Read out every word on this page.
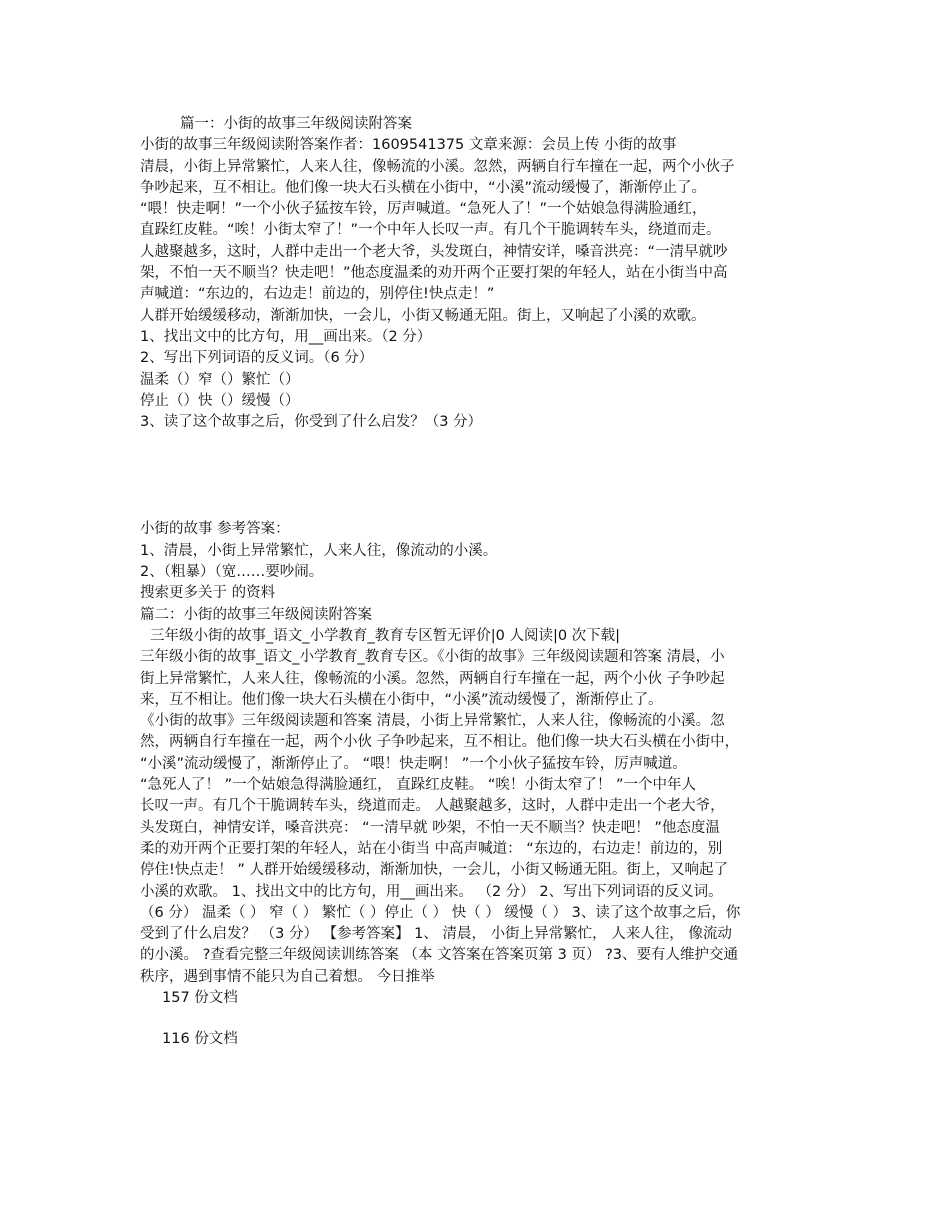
篇一：小街的故事三年级阅读附答案
小街的故事三年级阅读附答案作者：1609541375 文章来源：会员上传 小街的故事
清晨，小街上异常繁忙，人来人往，像畅流的小溪。忽然，两辆自行车撞在一起，两个小伙子
争吵起来，互不相让。他们像一块大石头横在小街中，“小溪”流动缓慢了，渐渐停止了。
“喂！快走啊！”一个小伙子猛按车铃，厉声喊道。“急死人了！”一个姑娘急得满脸通红，
直跺红皮鞋。“唉！小街太窄了！”一个中年人长叹一声。有几个干脆调转车头，绕道而走。
人越聚越多，这时，人群中走出一个老大爷，头发斑白，神情安详，嗓音洪亮：“一清早就吵
架，不怕一天不顺当？快走吧！”他态度温柔的劝开两个正要打架的年轻人，站在小街当中高
声喊道：“东边的，右边走！前边的，别停住!快点走！”
人群开始缓缓移动，渐渐加快，一会儿，小街又畅通无阻。街上，又响起了小溪的欢歌。
1、找出文中的比方句，用__画出来。（2 分）
2、写出下列词语的反义词。（6 分）
温柔（）窄（）繁忙（）
停止（）快（）缓慢（）
3、读了这个故事之后，你受到了什么启发？（3 分）
小街的故事 参考答案：
1、清晨，小街上异常繁忙，人来人往，像流动的小溪。
2、（粗暴）（宽……要吵闹。
搜索更多关于 的资料
篇二：小街的故事三年级阅读附答案
三年级小街的故事_语文_小学教育_教育专区暂无评价|0 人阅读|0 次下载|
三年级小街的故事_语文_小学教育_教育专区。《小街的故事》三年级阅读题和答案 清晨，小
街上异常繁忙，人来人往，像畅流的小溪。忽然，两辆自行车撞在一起，两个小伙 子争吵起
来，互不相让。他们像一块大石头横在小街中，“小溪”流动缓慢了，渐渐停止了。
《小街的故事》三年级阅读题和答案 清晨，小街上异常繁忙，人来人往，像畅流的小溪。忽
然，两辆自行车撞在一起，两个小伙 子争吵起来，互不相让。他们像一块大石头横在小街中，
“小溪”流动缓慢了，渐渐停止了。 “喂！快走啊！ ”一个小伙子猛按车铃，厉声喊道。
“急死人了！ ”一个姑娘急得满脸通红， 直跺红皮鞋。 “唉！小街太窄了！ ”一个中年人
长叹一声。有几个干脆调转车头，绕道而走。 人越聚越多，这时，人群中走出一个老大爷，
头发斑白，神情安详，嗓音洪亮： “一清早就 吵架，不怕一天不顺当？快走吧！ ”他态度温
柔的劝开两个正要打架的年轻人，站在小街当 中高声喊道： “东边的，右边走！前边的，别
停住!快点走！ ” 人群开始缓缓移动，渐渐加快，一会儿，小街又畅通无阻。街上，又响起了
小溪的欢歌。 1、找出文中的比方句，用__画出来。 （2 分） 2、写出下列词语的反义词。
（6 分） 温柔（ ） 窄（ ） 繁忙（ ）停止（ ） 快（ ） 缓慢（ ） 3、读了这个故事之后，你
受到了什么启发？ （3 分） 【参考答案】 1、 清晨， 小街上异常繁忙， 人来人往， 像流动
的小溪。 ?查看完整三年级阅读训练答案 （本 文答案在答案页第 3 页） ?3、要有人维护交通
秩序，遇到事情不能只为自己着想。 今日推举
157 份文档
116 份文档
